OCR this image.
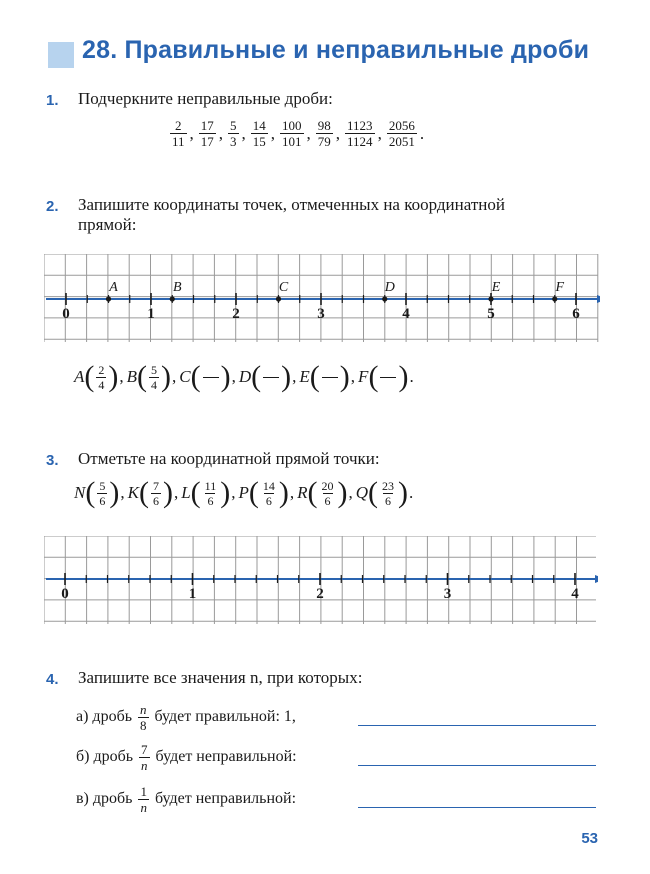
28. Правильные и неправильные дроби
1. Подчеркните неправильные дроби:
$\frac{2}{11}$ , $\frac{17}{17}$ , $\frac{5}{3}$ , $\frac{14}{15}$ , $\frac{100}{101}$ , $\frac{98}{79}$ , $\frac{1123}{1124}$ , $\frac{2056}{2051}$ .
2. Запишите координаты точек, отмеченных на координатной
прямой:
0	1	2	3	4	5	6
A	B	C	D	E	F
$A( \frac{2}{4}$ ), $B( \frac{5}{4}$ ), C( ), D( ), E( ), F( ).
3. Отметьте на координатной прямой точки:
$N( \frac{5}{6}$ ), $K( \frac{7}{6}$ ), $L( \frac{11}{6}$ ), $P( \frac{14}{6}$ ), $R( \frac{20}{6}$ ), $Q( \frac{23}{6}$ ).
0	1	2	3	4
4. Запишите все значения n, при которых:
а) дробь $\frac{n}{8}$ будет правильной: 1,
б) дробь $\frac{7}{n}$ будет неправильной:
в) дробь $\frac{1}{n}$ будет неправильной:
53
